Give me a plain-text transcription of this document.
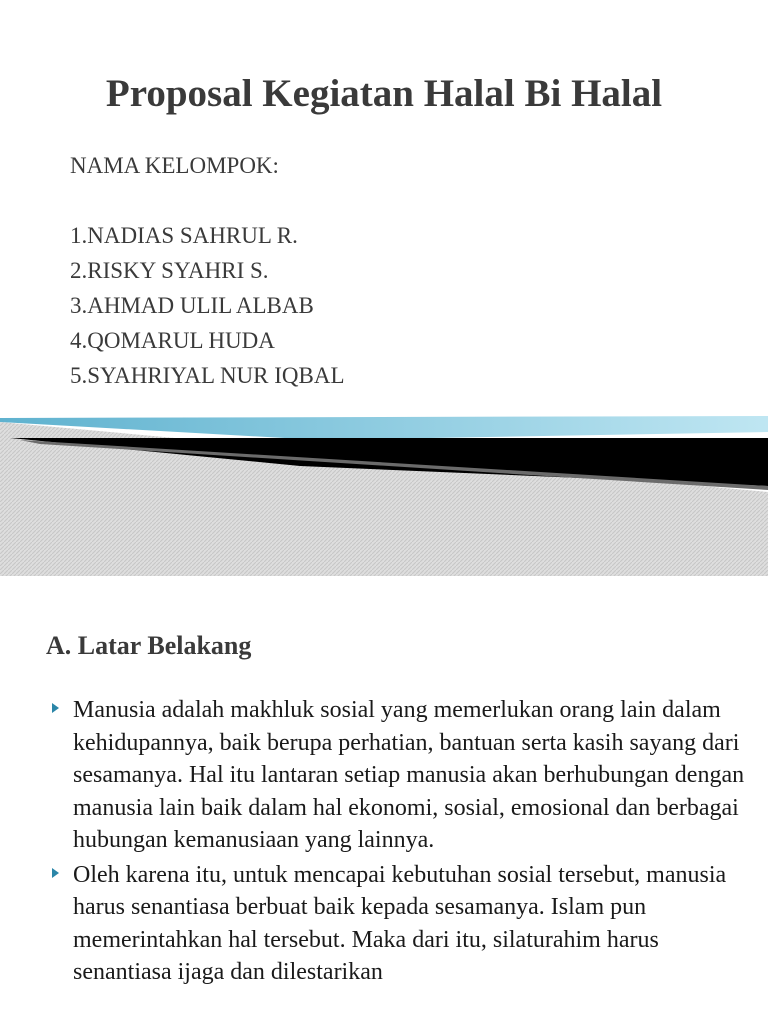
Proposal Kegiatan Halal Bi Halal
NAMA KELOMPOK:
1.NADIAS SAHRUL R.
2.RISKY SYAHRI S.
3.AHMAD ULIL ALBAB
4.QOMARUL HUDA
5.SYAHRIYAL NUR IQBAL
A. Latar Belakang
Manusia adalah makhluk sosial yang memerlukan orang lain dalam kehidupannya, baik berupa perhatian, bantuan serta kasih sayang dari sesamanya. Hal itu lantaran setiap manusia akan berhubungan dengan manusia lain baik dalam hal ekonomi, sosial, emosional dan berbagai hubungan kemanusiaan yang lainnya.
Oleh karena itu, untuk mencapai kebutuhan sosial tersebut, manusia harus senantiasa berbuat baik kepada sesamanya. Islam pun memerintahkan hal tersebut. Maka dari itu, silaturahim harus senantiasa ijaga dan dilestarikan
